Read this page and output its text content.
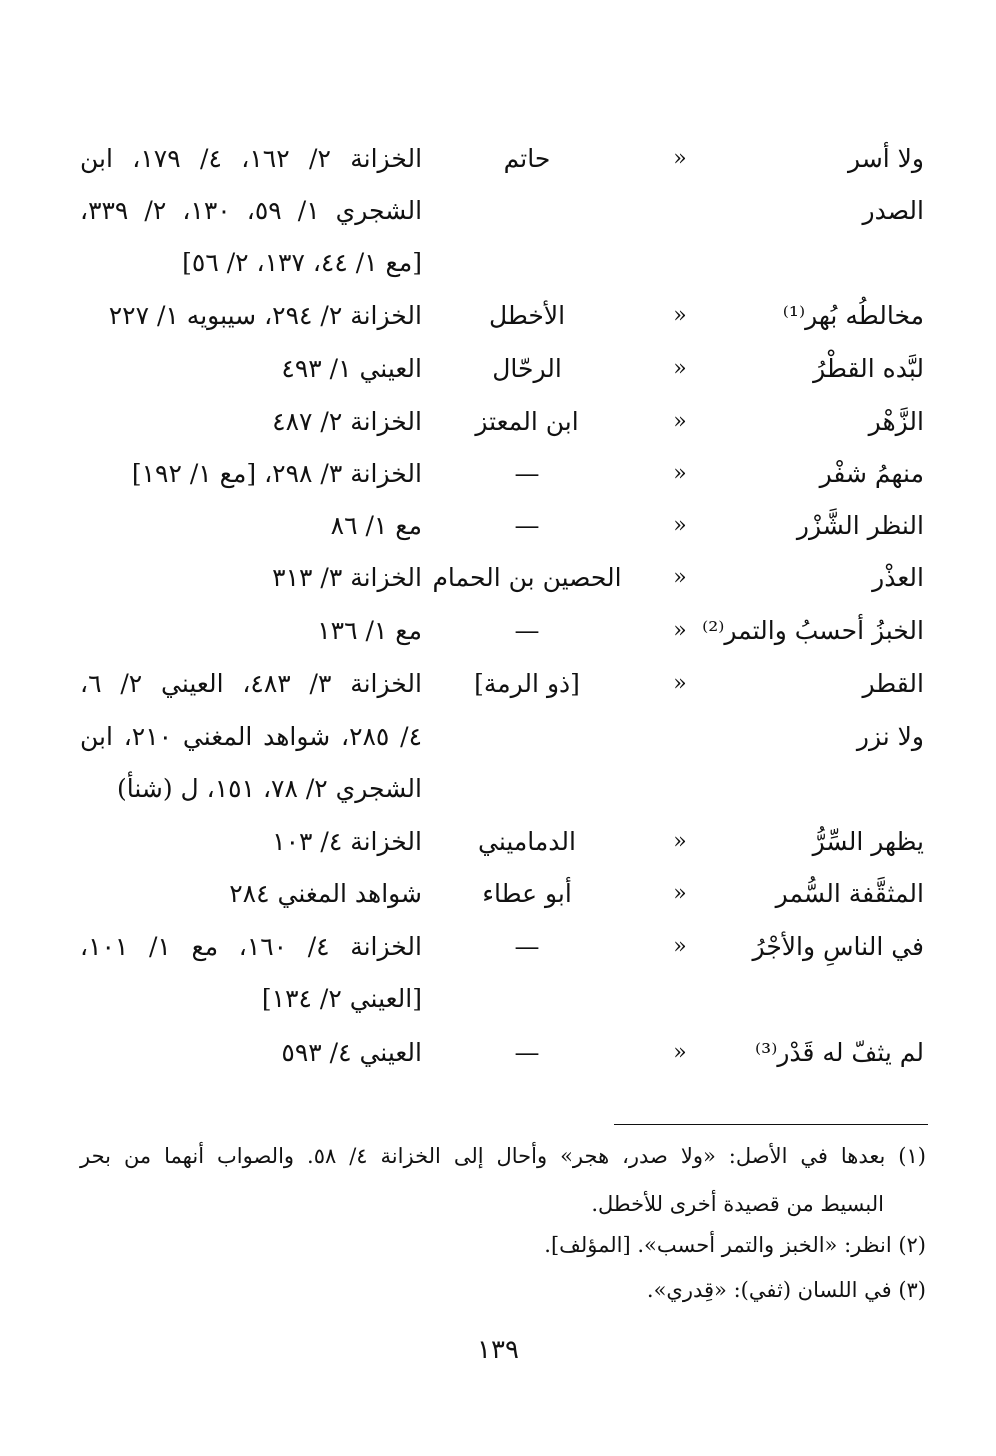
ولا أسر
«
حاتم
الخزانة ٢/ ١٦٢، ٤/ ١٧٩، ابن
الصدر
الشجري ١/ ٥٩، ١٣٠، ٢/ ٣٣٩،
[مع ١/ ٤٤، ١٣٧، ٢/ ٥٦]
مخالطُه بُهر⁽¹⁾
«
الأخطل
الخزانة ٢/ ٢٩٤، سيبويه ١/ ٢٢٧
لبَّده القطْرُ
«
الرحّال
العيني ١/ ٤٩٣
الزَّهْر
«
ابن المعتز
الخزانة ٢/ ٤٨٧
منهمُ شفْر
«
—
الخزانة ٣/ ٢٩٨، [مع ١/ ١٩٢]
النظر الشَّزْر
«
—
مع ١/ ٨٦
العذْر
«
الحصين بن الحمام
الخزانة ٣/ ٣١٣
الخبزُ أحسبُ والتمر⁽²⁾
«
—
مع ١/ ١٣٦
القطر
«
[ذو الرمة]
الخزانة ٣/ ٤٨٣، العيني ٢/ ٦،
ولا نزر
٤/ ٢٨٥، شواهد المغني ٢١٠، ابن
الشجري ٢/ ٧٨، ١٥١، ل (شنأ)
يظهر السِّرُّ
«
الدماميني
الخزانة ٤/ ١٠٣
المثقَّفة السُّمر
«
أبو عطاء
شواهد المغني ٢٨٤
في الناسِ والأجْرُ
«
—
الخزانة ٤/ ١٦٠، مع ١/ ١٠١،
[العيني ٢/ ١٣٤]
لم يثفّ له قَدْر⁽³⁾
«
—
العيني ٤/ ٥٩٣
(١) بعدها في الأصل: «ولا صدر، هجر» وأحال إلى الخزانة ٤/ ٥٨. والصواب أنهما من بحر
البسيط من قصيدة أخرى للأخطل.
(٢) انظر: «الخبز والتمر أحسب». [المؤلف].
(٣) في اللسان (ثفي): «قِدري».
١٣٩
